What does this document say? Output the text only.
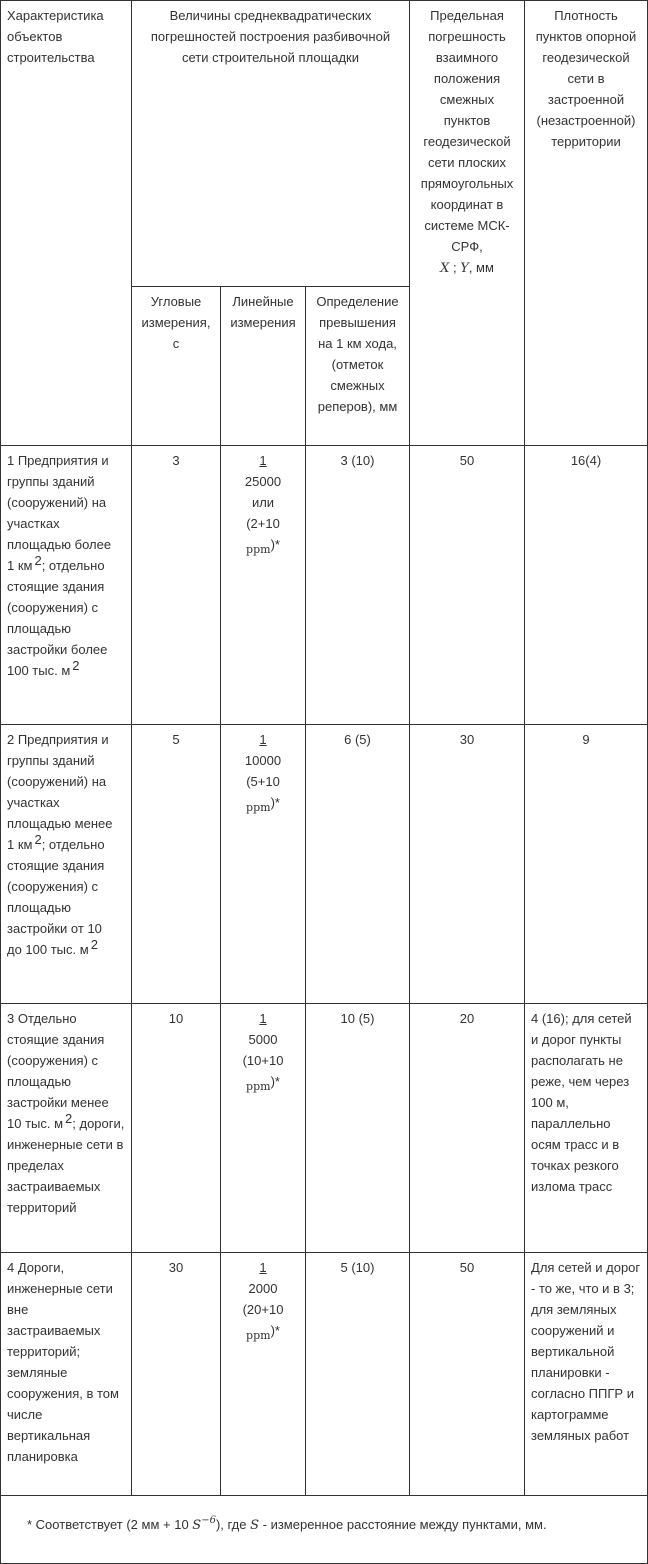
Характеристика объектов строительства	Величины среднеквадратических погрешностей построения разбивочной сети строительной площадки			Предельная погрешность взаимного положения смежных пунктов геодезической сети плоских прямоугольных координат в системе МСК-СРФ,
X ; Y, мм	Плотность пунктов опорной геодезической сети в застроенной (незастроенной) территории
	Угловые измерения, с	Линейные измерения	Определение превышения на 1 км хода, (отметок смежных реперов), мм		
1 Предприятия и группы зданий (сооружений) на участках площадью более
1 км 2; отдельно стоящие здания (сооружения) с площадью застройки более
100 тыс. м 2	3	1
25000
или
(2+10
$_{ppm}$)*	3 (10)	50	16(4)
2 Предприятия и группы зданий (сооружений) на участках площадью менее
1 км 2; отдельно стоящие здания (сооружения) с площадью застройки от 10
до 100 тыс. м 2	5	1
10000
(5+10
$_{ppm}$)*	6 (5)	30	9
3 Отдельно стоящие здания (сооружения) с площадью застройки менее
10 тыс. м 2; дороги, инженерные сети в пределах застраиваемых территорий	10	1
5000
(10+10
$_{ppm}$)*	10 (5)	20	4 (16); для сетей и дорог пункты располагать не реже, чем через 100 м, параллельно осям трасс и в точках резкого излома трасс
4 Дороги, инженерные сети вне застраиваемых территорий; земляные сооружения, в том числе вертикальная планировка	30	1
2000
(20+10
$_{ppm}$)*	5 (10)	50	Для сетей и дорог - то же, что и в 3; для земляных сооружений и вертикальной планировки - согласно ППГР и картограмме земляных работ
* Соответствует (2 мм + 10 $S^{-6}$), где S - измеренное расстояние между пунктами, мм.					
